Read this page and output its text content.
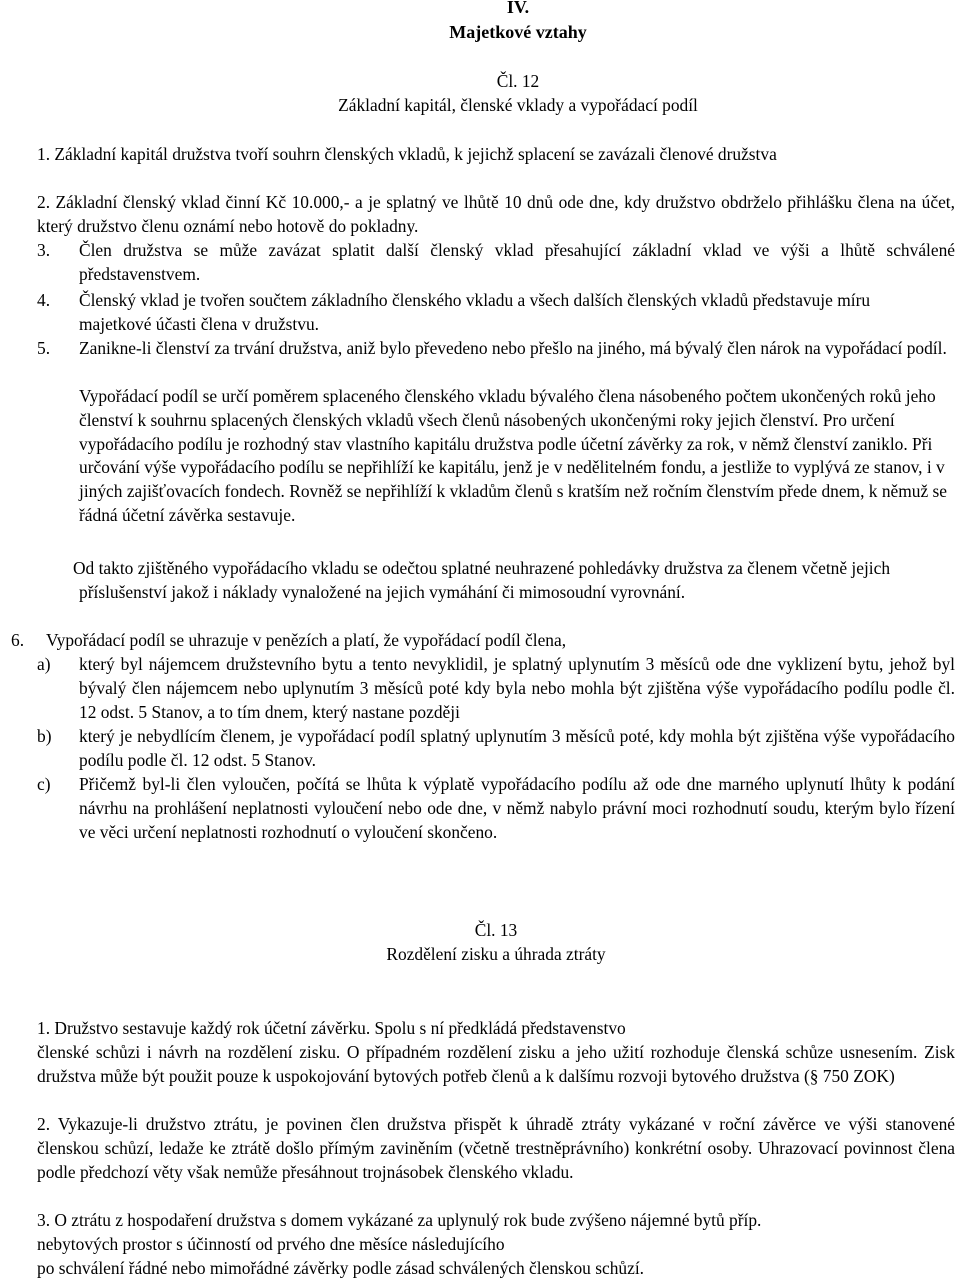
IV.
Majetkové vztahy
Čl. 12
Základní kapitál, členské vklady a vypořádací podíl

1. Základní kapitál družstva tvoří souhrn členských vkladů, k jejichž splacení se zavázali členové družstva

2. Základní členský vklad činní Kč 10.000,- a je splatný ve lhůtě 10 dnů ode dne, kdy družstvo obdrželo přihlášku člena na účet, který družstvo členu oznámí nebo hotově do pokladny.

3. Člen družstva se může zavázat splatit další členský vklad přesahující základní vklad ve výši a lhůtě schválené představenstvem.

4. Členský vklad je tvořen součtem základního členského vkladu a všech dalších členských vkladů představuje míru majetkové účasti člena v družstvu.

5. Zanikne-li členství za trvání družstva, aniž bylo převedeno nebo přešlo na jiného, má bývalý člen nárok na vypořádací podíl.

Vypořádací podíl se určí poměrem splaceného členského vkladu bývalého člena násobeného počtem ukončených roků jeho členství k souhrnu splacených členských vkladů všech členů násobených ukončenými roky jejich členství. Pro určení vypořádacího podílu je rozhodný stav vlastního kapitálu družstva podle účetní závěrky za rok, v němž členství zaniklo. Při určování výše vypořádacího podílu se nepřihlíží ke kapitálu, jenž je v nedělitelném fondu, a jestliže to vyplývá ze stanov, i v jiných zajišťovacích fondech. Rovněž se nepřihlíží k vkladům členů s kratším než ročním členstvím přede dnem, k němuž se řádná účetní závěrka sestavuje.

Od takto zjištěného vypořádacího vkladu se odečtou splatné neuhrazené pohledávky družstva za členem včetně jejich příslušenství jakož i náklady vynaložené na jejich vymáhání či mimosoudní vyrovnání.

6. Vypořádací podíl se uhrazuje v penězích a platí, že vypořádací podíl člena,

a) který byl nájemcem družstevního bytu a tento nevyklidil, je splatný uplynutím 3 měsíců ode dne vyklizení bytu, jehož byl bývalý člen nájemcem nebo uplynutím 3 měsíců poté kdy byla nebo mohla být zjištěna výše vypořádacího podílu podle čl. 12 odst. 5 Stanov, a to tím dnem, který nastane později

b) který je nebydlícím členem, je vypořádací podíl splatný uplynutím 3 měsíců poté, kdy mohla být zjištěna výše vypořádacího podílu podle čl. 12 odst. 5 Stanov.

c) Přičemž byl-li člen vyloučen, počítá se lhůta k výplatě vypořádacího podílu až ode dne marného uplynutí lhůty k podání návrhu na prohlášení neplatnosti vyloučení nebo ode dne, v němž nabylo právní moci rozhodnutí soudu, kterým bylo řízení ve věci určení neplatnosti rozhodnutí o vyloučení skončeno.

Čl. 13
Rozdělení zisku a úhrada ztráty

1. Družstvo sestavuje každý rok účetní závěrku. Spolu s ní předkládá představenstvo

členské schůzi i návrh na rozdělení zisku. O případném rozdělení zisku a jeho užití rozhoduje členská schůze usnesením. Zisk družstva může být použit pouze k uspokojování bytových potřeb členů a k dalšímu rozvoji bytového družstva (§ 750 ZOK)

2. Vykazuje-li družstvo ztrátu, je povinen člen družstva přispět k úhradě ztráty vykázané v roční závěrce ve výši stanovené členskou schůzí, ledaže ke ztrátě došlo přímým zaviněním (včetně trestněprávního) konkrétní osoby. Uhrazovací povinnost člena podle předchozí věty však nemůže přesáhnout trojnásobek členského vkladu.

3. O ztrátu z hospodaření družstva s domem vykázané za uplynulý rok bude zvýšeno nájemné bytů příp.

nebytových prostor s účinností od prvého dne měsíce následujícího

po schválení řádné nebo mimořádné závěrky podle zásad schválených členskou schůzí.
